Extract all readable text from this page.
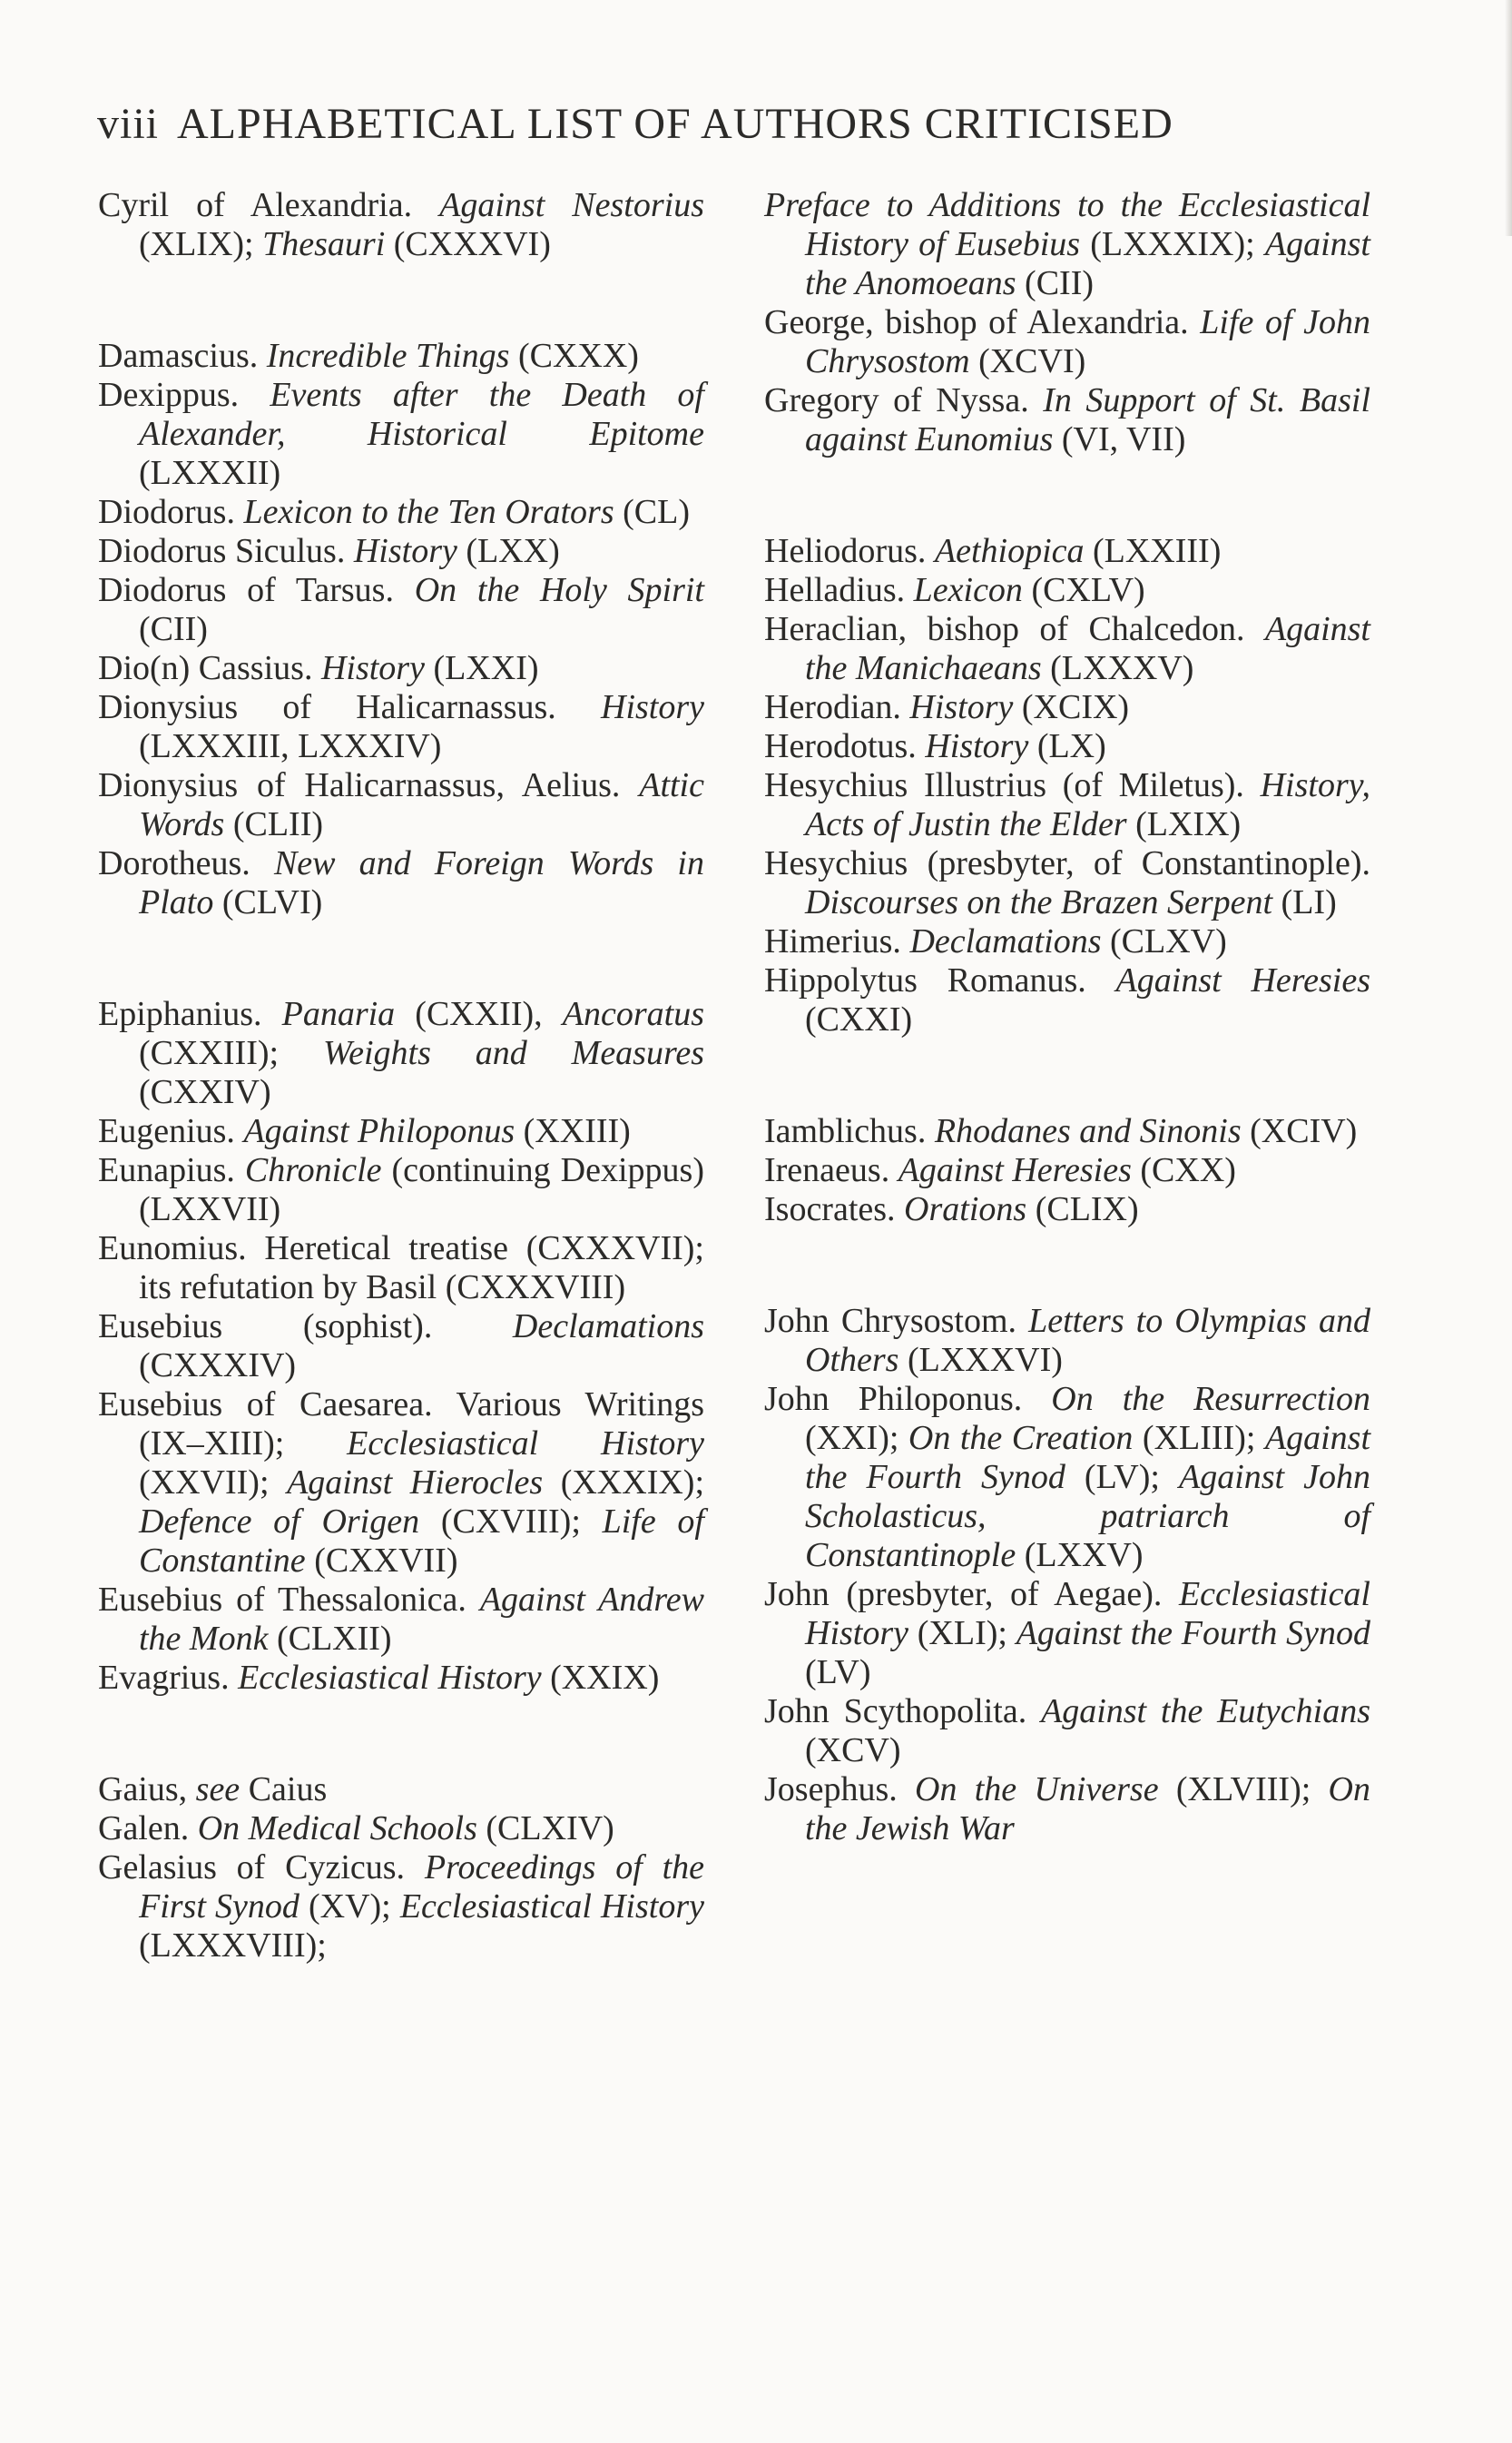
viii ALPHABETICAL LIST OF AUTHORS CRITICISED

Cyril of Alexandria. Against Nestorius (XLIX); Thesauri (CXXXVI)

Damascius. Incredible Things (CXXX)

Dexippus. Events after the Death of Alexander, Historical Epitome (LXXXII)

Diodorus. Lexicon to the Ten Orators (CL)

Diodorus Siculus. History (LXX)

Diodorus of Tarsus. On the Holy Spirit (CII)

Dio(n) Cassius. History (LXXI)

Dionysius of Halicarnassus. History (LXXXIII, LXXXIV)

Dionysius of Halicarnassus, Aelius. Attic Words (CLII)

Dorotheus. New and Foreign Words in Plato (CLVI)

Epiphanius. Panaria (CXXII), Ancoratus (CXXIII); Weights and Measures (CXXIV)

Eugenius. Against Philoponus (XXIII)

Eunapius. Chronicle (continuing Dexippus) (LXXVII)

Eunomius. Heretical treatise (CXXXVII); its refutation by Basil (CXXXVIII)

Eusebius (sophist). Declamations (CXXXIV)

Eusebius of Caesarea. Various Writings (IX–XIII); Ecclesiastical History (XXVII); Against Hierocles (XXXIX); Defence of Origen (CXVIII); Life of Constantine (CXXVII)

Eusebius of Thessalonica. Against Andrew the Monk (CLXII)

Evagrius. Ecclesiastical History (XXIX)

Gaius, see Caius

Galen. On Medical Schools (CLXIV)

Gelasius of Cyzicus. Proceedings of the First Synod (XV); Ecclesiastical History (LXXXVIII);

Preface to Additions to the Ecclesiastical History of Eusebius (LXXXIX); Against the Anomoeans (CII)

George, bishop of Alexandria. Life of John Chrysostom (XCVI)

Gregory of Nyssa. In Support of St. Basil against Eunomius (VI, VII)

Heliodorus. Aethiopica (LXXIII)

Helladius. Lexicon (CXLV)

Heraclian, bishop of Chalcedon. Against the Manichaeans (LXXXV)

Herodian. History (XCIX)

Herodotus. History (LX)

Hesychius Illustrius (of Miletus). History, Acts of Justin the Elder (LXIX)

Hesychius (presbyter, of Constantinople). Discourses on the Brazen Serpent (LI)

Himerius. Declamations (CLXV)

Hippolytus Romanus. Against Heresies (CXXI)

Iamblichus. Rhodanes and Sinonis (XCIV)

Irenaeus. Against Heresies (CXX)

Isocrates. Orations (CLIX)

John Chrysostom. Letters to Olympias and Others (LXXXVI)

John Philoponus. On the Resurrection (XXI); On the Creation (XLIII); Against the Fourth Synod (LV); Against John Scholasticus, patriarch of Constantinople (LXXV)

John (presbyter, of Aegae). Ecclesiastical History (XLI); Against the Fourth Synod (LV)

John Scythopolita. Against the Eutychians (XCV)

Josephus. On the Universe (XLVIII); On the Jewish War
